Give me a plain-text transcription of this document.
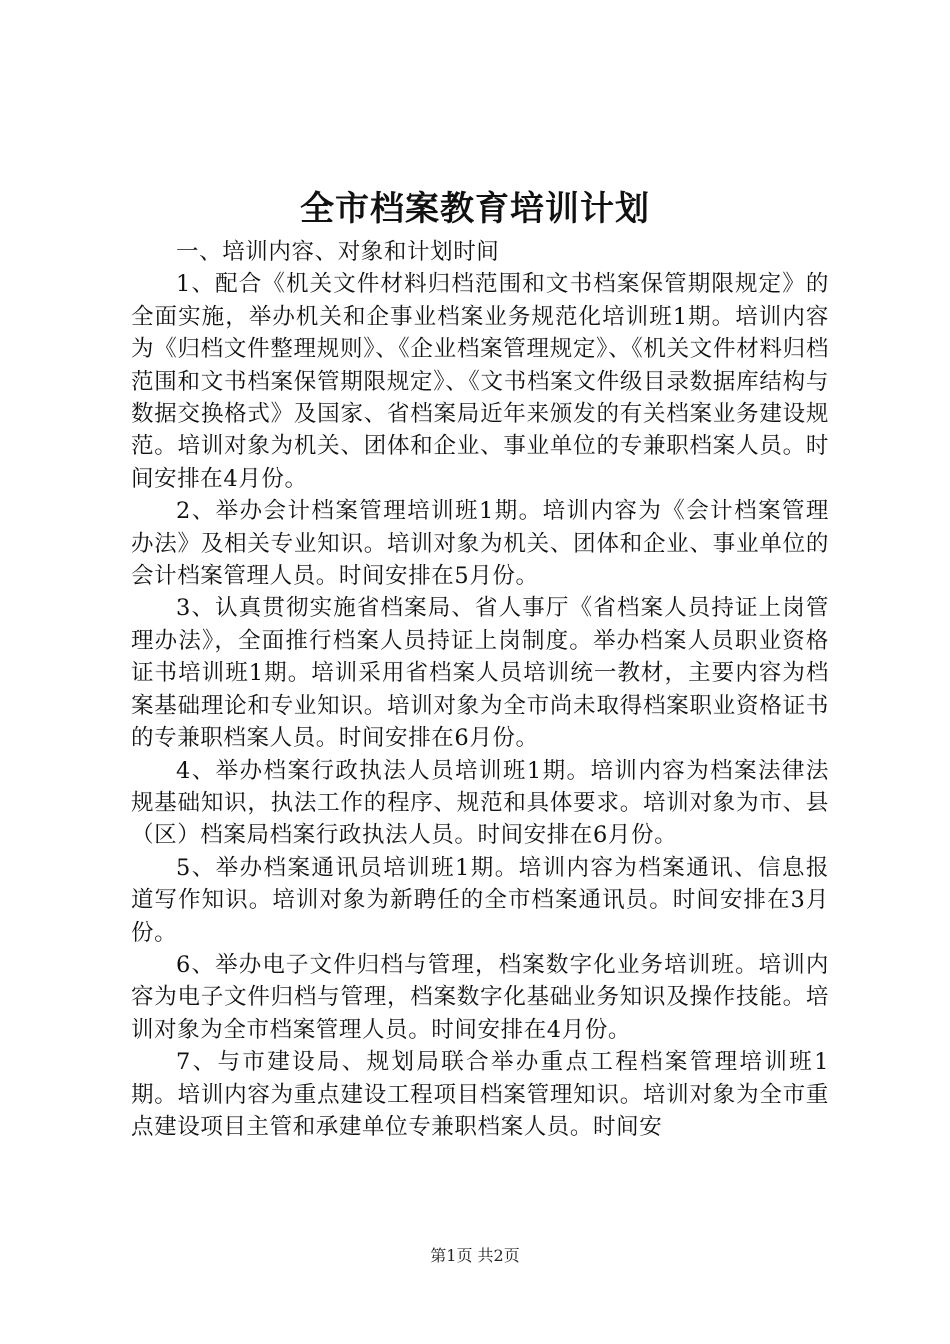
全市档案教育培训计划

一、培训内容、对象和计划时间

1、配合《机关文件材料归档范围和文书档案保管期限规定》的全面实施，举办机关和企事业档案业务规范化培训班1期。培训内容为《归档文件整理规则》、《企业档案管理规定》、《机关文件材料归档范围和文书档案保管期限规定》、《文书档案文件级目录数据库结构与数据交换格式》及国家、省档案局近年来颁发的有关档案业务建设规范。培训对象为机关、团体和企业、事业单位的专兼职档案人员。时间安排在4月份。

2、举办会计档案管理培训班1期。培训内容为《会计档案管理办法》及相关专业知识。培训对象为机关、团体和企业、事业单位的会计档案管理人员。时间安排在5月份。

3、认真贯彻实施省档案局、省人事厅《省档案人员持证上岗管理办法》，全面推行档案人员持证上岗制度。举办档案人员职业资格证书培训班1期。培训采用省档案人员培训统一教材，主要内容为档案基础理论和专业知识。培训对象为全市尚未取得档案职业资格证书的专兼职档案人员。时间安排在6月份。

4、举办档案行政执法人员培训班1期。培训内容为档案法律法规基础知识，执法工作的程序、规范和具体要求。培训对象为市、县（区）档案局档案行政执法人员。时间安排在6月份。

5、举办档案通讯员培训班1期。培训内容为档案通讯、信息报道写作知识。培训对象为新聘任的全市档案通讯员。时间安排在3月份。

6、举办电子文件归档与管理，档案数字化业务培训班。培训内容为电子文件归档与管理，档案数字化基础业务知识及操作技能。培训对象为全市档案管理人员。时间安排在4月份。

7、与市建设局、规划局联合举办重点工程档案管理培训班1期。培训内容为重点建设工程项目档案管理知识。培训对象为全市重点建设项目主管和承建单位专兼职档案人员。时间安

第1页 共2页
